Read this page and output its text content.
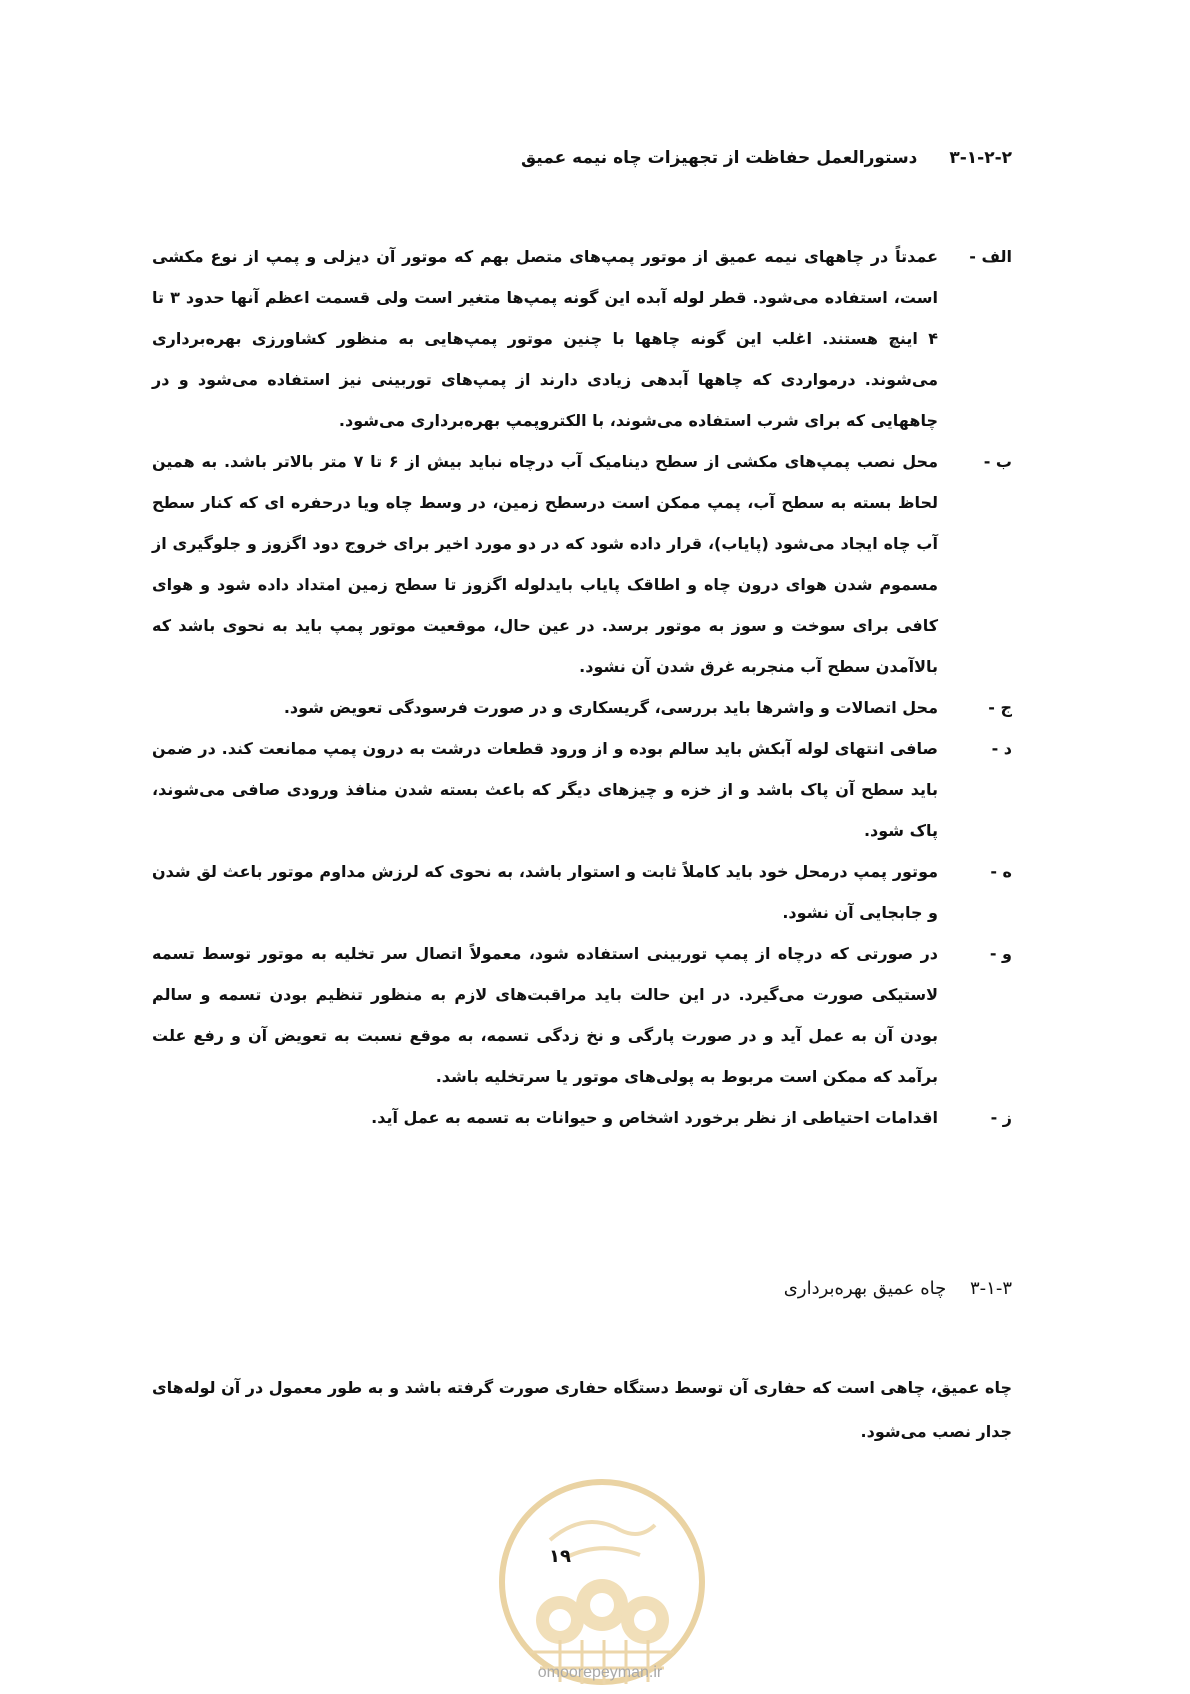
۳-۱-۲-۲ دستورالعمل حفاظت از تجهیزات چاه نیمه عمیق
الف -
عمدتاً در چاههای نیمه عمیق از موتور پمپ‌های متصل بهم که موتور آن دیزلی و پمپ از نوع مکشی است، استفاده می‌شود. قطر لوله آبده این گونه پمپ‌ها متغیر است ولی قسمت اعظم آنها حدود ۳ تا ۴ اینچ هستند. اغلب این گونه چاهها با چنین موتور پمپ‌هایی به منظور کشاورزی بهره‌برداری می‌شوند. درمواردی که چاهها آبدهی زیادی دارند از پمپ‌های توربینی نیز استفاده می‌شود و در چاههایی که برای شرب استفاده می‌شوند، با الکتروپمپ بهره‌برداری می‌شود.
ب -
محل نصب پمپ‌های مکشی از سطح دینامیک آب درچاه نباید بیش از ۶ تا ۷ متر بالاتر باشد. به همین لحاظ بسته به سطح آب، پمپ ممکن است درسطح زمین، در وسط چاه ویا درحفره ای که کنار سطح آب چاه ایجاد می‌شود (پایاب)، قرار داده شود که در دو مورد اخیر برای خروج دود اگزوز و جلوگیری از مسموم شدن هوای درون چاه و اطاقک پایاب بایدلوله اگزوز تا سطح زمین امتداد داده شود و هوای کافی برای سوخت و سوز به موتور برسد. در عین حال، موقعیت موتور پمپ باید به نحوی باشد که بالاآمدن سطح آب منجربه غرق شدن آن نشود.
ج -
محل اتصالات و واشرها باید بررسی، گریسکاری و در صورت فرسودگی تعویض شود.
د -
صافی انتهای لوله آبکش باید سالم بوده و از ورود قطعات درشت به درون پمپ ممانعت کند. در ضمن باید سطح آن پاک باشد و از خزه و چیزهای دیگر که باعث بسته شدن منافذ ورودی صافی می‌شوند، پاک شود.
ه -
موتور پمپ درمحل خود باید کاملاً ثابت و استوار باشد، به نحوی که لرزش مداوم موتور باعث لق شدن و جابجایی آن نشود.
و -
در صورتی که درچاه از پمپ توربینی استفاده شود، معمولاً اتصال سر تخلیه به موتور توسط تسمه لاستیکی صورت می‌گیرد. در این حالت باید مراقبت‌های لازم به منظور تنظیم بودن تسمه و سالم بودن آن به عمل آید و در صورت پارگی و نخ زدگی تسمه، به موقع نسبت به تعویض آن و رفع علت برآمد که ممکن است مربوط به پولی‌های موتور یا سرتخلیه باشد.
ز -
اقدامات احتیاطی از نظر برخورد اشخاص و حیوانات به تسمه به عمل آید.
۳-۱-۳ چاه عمیق بهره‌برداری
چاه عمیق، چاهی است که حفاری آن توسط دستگاه حفاری صورت گرفته باشد و به طور معمول در آن لوله‌های جدار نصب می‌شود.
۱۹
omoorepeyman.ir
